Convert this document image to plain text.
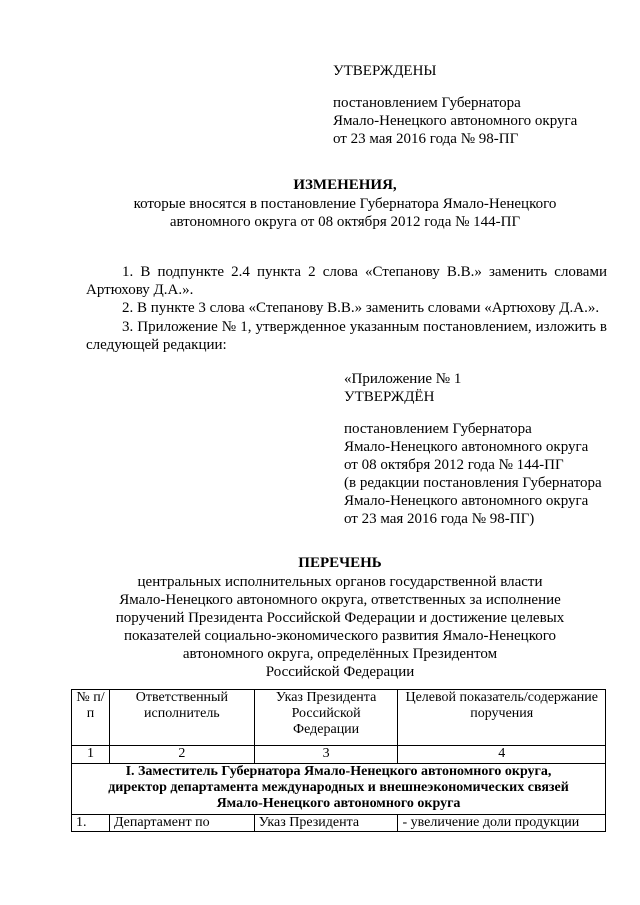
УТВЕРЖДЕНЫ
постановлением Губернатора
Ямало-Ненецкого автономного округа
от 23 мая 2016 года № 98-ПГ
ИЗМЕНЕНИЯ,
которые вносятся в постановление Губернатора Ямало-Ненецкого
автономного округа от 08 октября 2012 года № 144-ПГ
1. В подпункте 2.4 пункта 2 слова «Степанову В.В.» заменить словами Артюхову Д.А.».
2. В пункте 3 слова «Степанову В.В.» заменить словами «Артюхову Д.А.».
3. Приложение № 1, утвержденное указанным постановлением, изложить в следующей редакции:
«Приложение № 1
УТВЕРЖДЁН
постановлением Губернатора
Ямало-Ненецкого автономного округа
от 08 октября 2012 года № 144-ПГ
(в редакции постановления Губернатора
Ямало-Ненецкого автономного округа
от 23 мая 2016 года № 98-ПГ)
ПЕРЕЧЕНЬ
центральных исполнительных органов государственной власти
Ямало-Ненецкого автономного округа, ответственных за исполнение
поручений Президента Российской Федерации и достижение целевых
показателей социально-экономического развития Ямало-Ненецкого
автономного округа, определённых Президентом
Российской Федерации
№ п/п	Ответственный исполнитель	Указ Президента Российской Федерации	Целевой показатель/содержание поручения
1	2	3	4

I. Заместитель Губернатора Ямало-Ненецкого автономного округа,
директор департамента международных и внешнеэкономических связей
Ямало-Ненецкого автономного округа			

1.	Департамент по	Указ Президента	- увеличение доли продукции
